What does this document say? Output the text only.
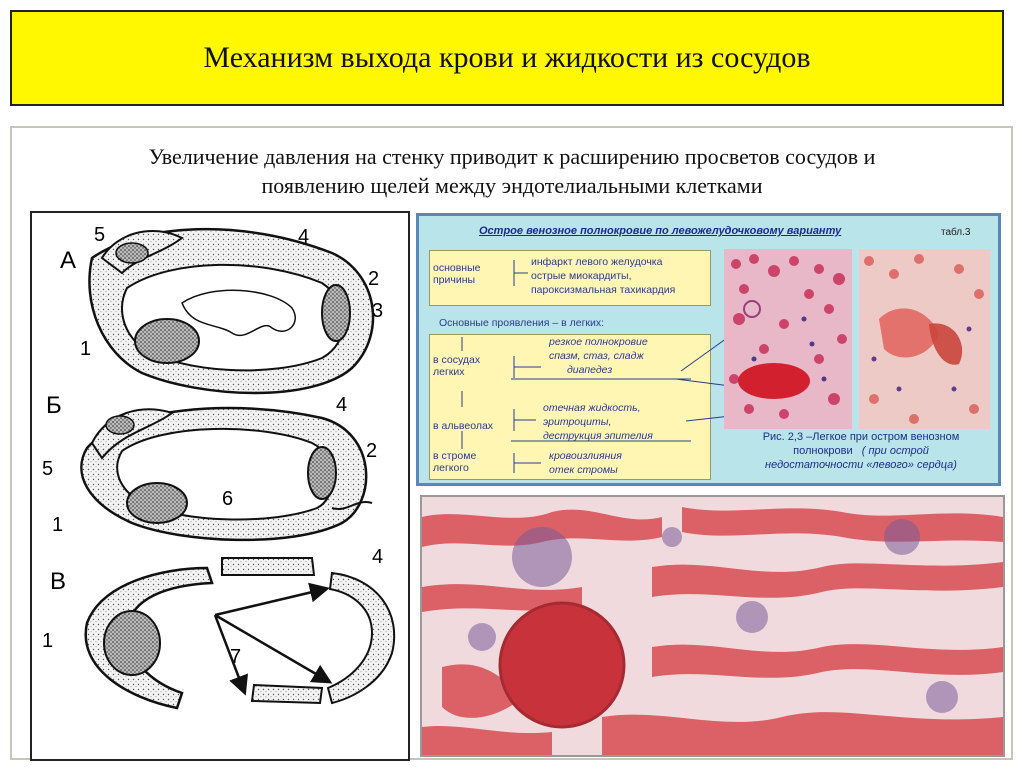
Механизм выхода крови и жидкости из сосудов
Увеличение давления на стенку приводит к расширению просветов сосудов и
появлению щелей между эндотелиальными клетками
А
5	4
2
3
1
Б	4
2
5
1
6
В
4
1
7
Острое венозное полнокровие по левожелудочковому варианту	табл.3
основные причины
инфаркт левого желудочка
острые миокардиты,
пароксизмальная тахикардия
Основные проявления – в легких:
в сосудах легких
резкое полнокровие
спазм, стаз, сладж
диапедез
в альвеолах
отечная жидкость,
эритроциты,
деструкция эпителия
в строме легкого
кровоизлияния
отек стромы
Рис. 2,3 –Легкое при остром венозном
полнокрови ( при острой
недостаточности «левого» сердца)
